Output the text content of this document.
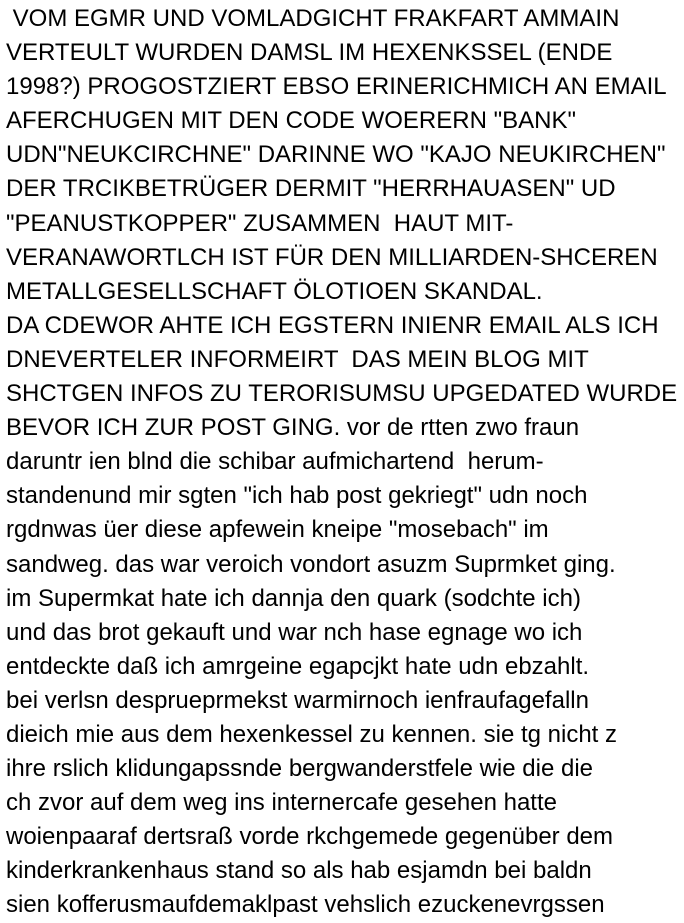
VOM EGMR UND VOMLADGICHT FRAKFART AMMAIN
VERTEULT WURDEN DAMSL IM HEXENKSSEL (ENDE
1998?) PROGOSTZIERT EBSO ERINERICHMICH AN EMAIL
AFERCHUGEN MIT DEN CODE WOERERN "BANK"
UDN"NEUKCIRCHNE" DARINNE WO "KAJO NEUKIRCHEN"
DER TRCIKBETRÜGER DERMIT "HERRHAUASEN" UD
"PEANUSTKOPPER" ZUSAMMEN  HAUT MIT-
VERANAWORTLCH IST FÜR DEN MILLIARDEN-SHCEREN
METALLGESELLSCHAFT ÖLOTIOEN SKANDAL.
DA CDEWOR AHTE ICH EGSTERN INIENR EMAIL ALS ICH
DNEVERTELER INFORMEIRT  DAS MEIN BLOG MIT
SHCTGEN INFOS ZU TERORISUMSU UPGEDATED WURDE
BEVOR ICH ZUR POST GING. vor de rtten zwo fraun
daruntr ien blnd die schibar aufmichartend  herum-
standenund mir sgten "ich hab post gekriegt" udn noch
rgdnwas üer diese apfewein kneipe "mosebach" im
sandweg. das war veroich vondort asuzm Suprmket ging.
im Supermkat hate ich dannja den quark (sodchte ich)
und das brot gekauft und war nch hase egnage wo ich
entdeckte daß ich amrgeine egapcjkt hate udn ebzahlt.
bei verlsn desprueprmekst warmirnoch ienfraufagefalln
dieich mie aus dem hexenkessel zu kennen. sie tg nicht z
ihre rslich klidungapssnde bergwanderstfele wie die die
ch zvor auf dem weg ins internercafe gesehen hatte
woienpaaraf dertsraß vorde rkchgemede gegenüber dem
kinderkrankenhaus stand so als hab esjamdn bei baldn
sien kofferusmaufdemaklpast vehslich ezuckenevrgssen
